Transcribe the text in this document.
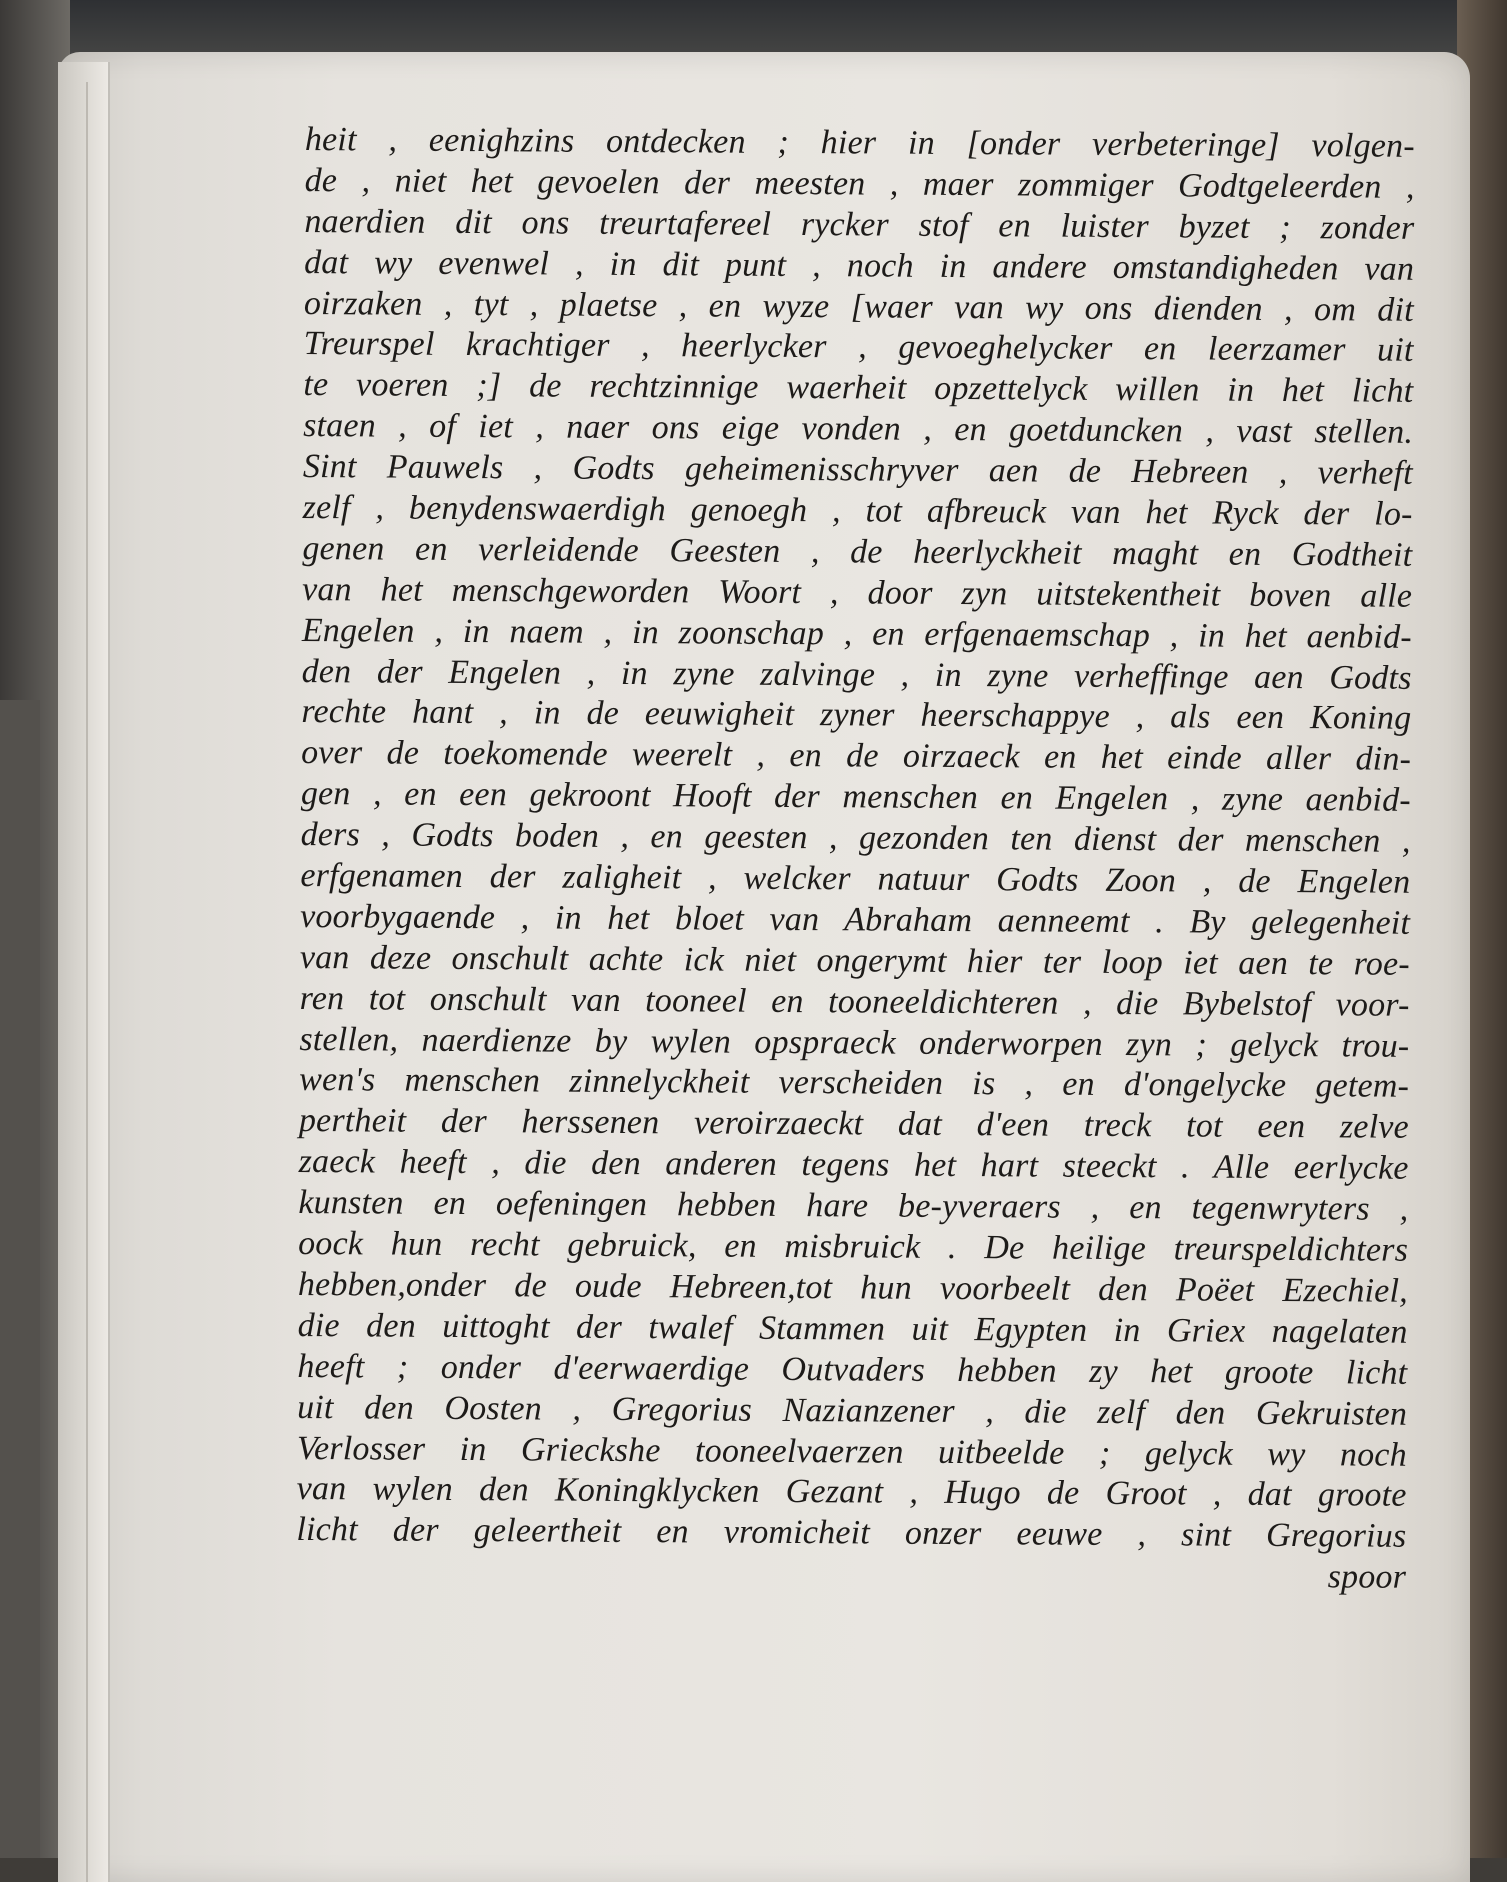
heit , eenighzins ontdecken ; hier in [onder verbeteringe] volgen-
de , niet het gevoelen der meesten , maer zommiger Godtgeleerden ,
naerdien dit ons treurtafereel rycker stof en luister byzet ; zonder
dat wy evenwel , in dit punt , noch in andere omstandigheden van
oirzaken , tyt , plaetse , en wyze [waer van wy ons dienden , om dit
Treurspel krachtiger , heerlycker , gevoeghelycker en leerzamer uit
te voeren ;] de rechtzinnige waerheit opzettelyck willen in het licht
staen , of iet , naer ons eige vonden , en goetduncken , vast stellen.
Sint Pauwels , Godts geheimenisschryver aen de Hebreen , verheft
zelf , benydenswaerdigh genoegh , tot afbreuck van het Ryck der lo-
genen en verleidende Geesten , de heerlyckheit maght en Godtheit
van het menschgeworden Woort , door zyn uitstekentheit boven alle
Engelen , in naem , in zoonschap , en erfgenaemschap , in het aenbid-
den der Engelen , in zyne zalvinge , in zyne verheffinge aen Godts
rechte hant , in de eeuwigheit zyner heerschappye , als een Koning
over de toekomende weerelt , en de oirzaeck en het einde aller din-
gen , en een gekroont Hooft der menschen en Engelen , zyne aenbid-
ders , Godts boden , en geesten , gezonden ten dienst der menschen ,
erfgenamen der zaligheit , welcker natuur Godts Zoon , de Engelen
voorbygaende , in het bloet van Abraham aenneemt . By gelegenheit
van deze onschult achte ick niet ongerymt hier ter loop iet aen te roe-
ren tot onschult van tooneel en tooneeldichteren , die Bybelstof voor-
stellen, naerdienze by wylen opspraeck onderworpen zyn ; gelyck trou-
wen's menschen zinnelyckheit verscheiden is , en d'ongelycke getem-
pertheit der herssenen veroirzaeckt dat d'een treck tot een zelve
zaeck heeft , die den anderen tegens het hart steeckt . Alle eerlycke
kunsten en oefeningen hebben hare be-yveraers , en tegenwryters ,
oock hun recht gebruick, en misbruick . De heilige treurspeldichters
hebben,onder de oude Hebreen,tot hun voorbeelt den Poëet Ezechiel,
die den uittoght der twalef Stammen uit Egypten in Griex nagelaten
heeft ; onder d'eerwaerdige Outvaders hebben zy het groote licht
uit den Oosten , Gregorius Nazianzener , die zelf den Gekruisten
Verlosser in Grieckshe tooneelvaerzen uitbeelde ; gelyck wy noch
van wylen den Koningklycken Gezant , Hugo de Groot , dat groote
licht der geleertheit en vromicheit onzer eeuwe , sint Gregorius
spoor
